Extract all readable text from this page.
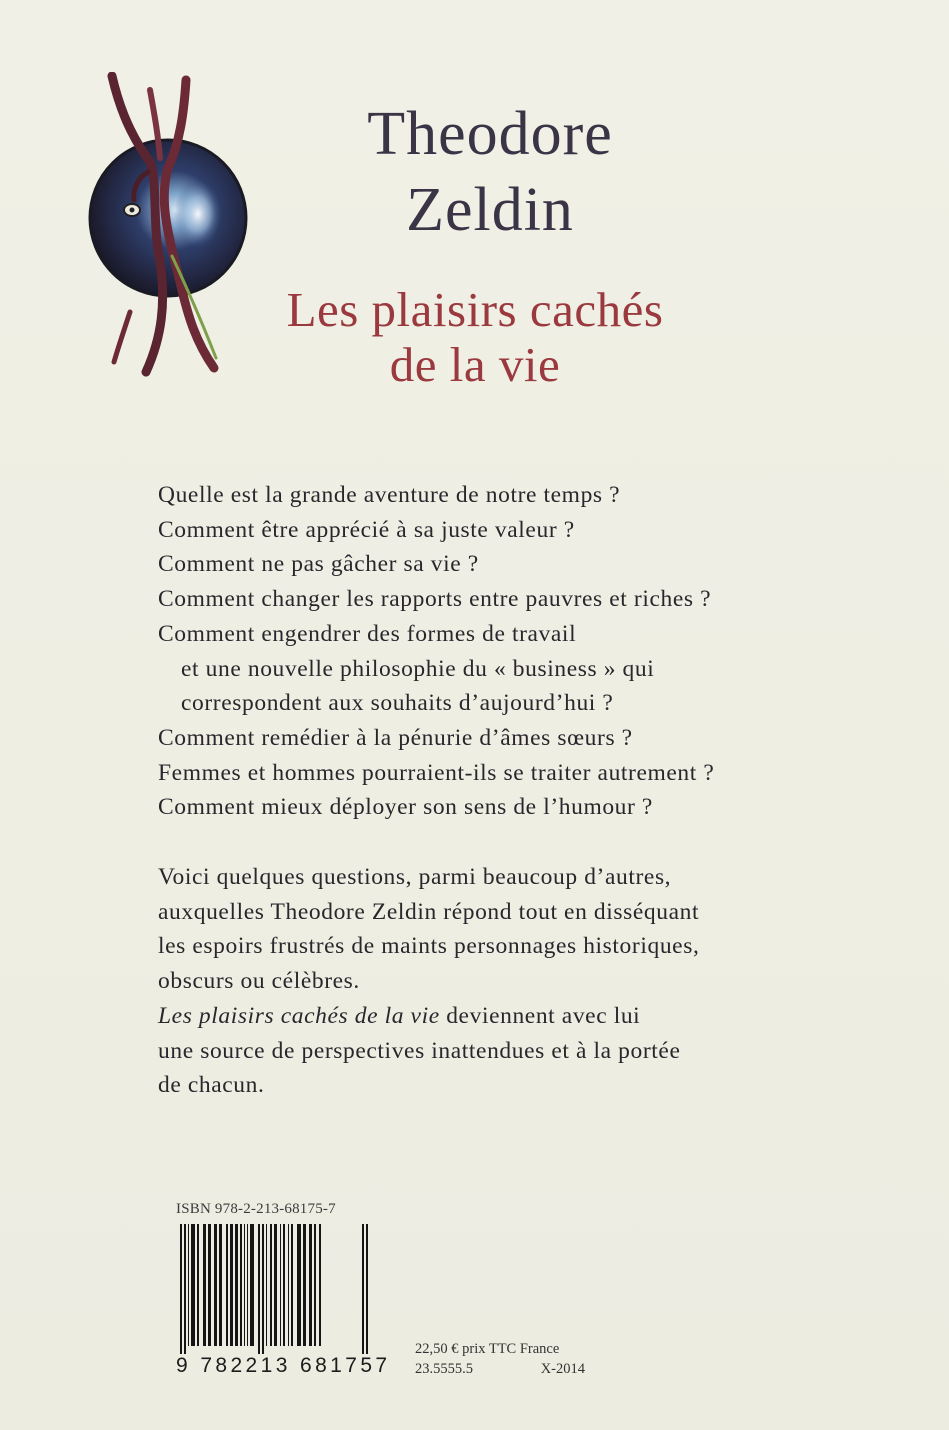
Theodore
Zeldin
Les plaisirs cachés
de la vie
Quelle est la grande aventure de notre temps ?
Comment être apprécié à sa juste valeur ?
Comment ne pas gâcher sa vie ?
Comment changer les rapports entre pauvres et riches ?
Comment engendrer des formes de travail
et une nouvelle philosophie du « business » qui
correspondent aux souhaits d’aujourd’hui ?
Comment remédier à la pénurie d’âmes sœurs ?
Femmes et hommes pourraient-ils se traiter autrement ?
Comment mieux déployer son sens de l’humour ?
Voici quelques questions, parmi beaucoup d’autres,
auxquelles Theodore Zeldin répond tout en disséquant
les espoirs frustrés de maints personnages historiques,
obscurs ou célèbres.
Les plaisirs cachés de la vie deviennent avec lui
une source de perspectives inattendues et à la portée
de chacun.
ISBN 978-2-213-68175-7
9 782213 681757
22,50 € prix TTC France
23.5555.5	X-2014
